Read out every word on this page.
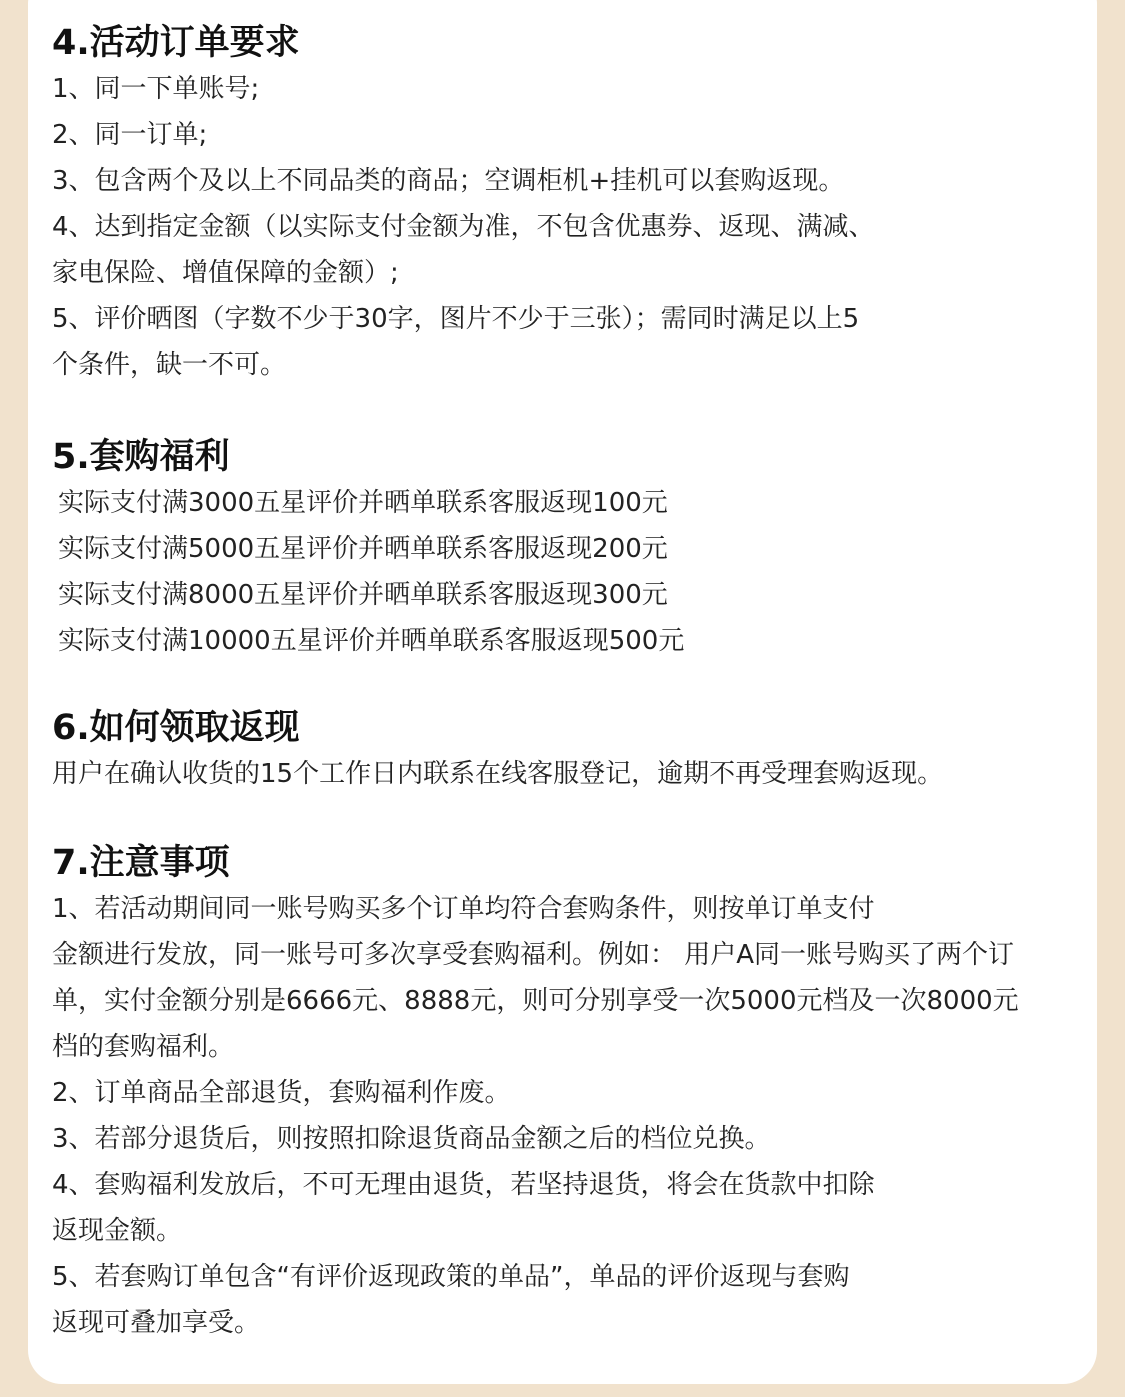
4.活动订单要求
1、同一下单账号;
2、同一订单;
3、包含两个及以上不同品类的商品；空调柜机+挂机可以套购返现。
4、达到指定金额（以实际支付金额为准，不包含优惠券、返现、满减、
家电保险、增值保障的金额）;
5、评价晒图（字数不少于30字，图片不少于三张）；需同时满足以上5
个条件，缺一不可。
5.套购福利
实际支付满3000五星评价并晒单联系客服返现100元
实际支付满5000五星评价并晒单联系客服返现200元
实际支付满8000五星评价并晒单联系客服返现300元
实际支付满10000五星评价并晒单联系客服返现500元
6.如何领取返现
用户在确认收货的15个工作日内联系在线客服登记，逾期不再受理套购返现。
7.注意事项
1、若活动期间同一账号购买多个订单均符合套购条件，则按单订单支付
金额进行发放，同一账号可多次享受套购福利。例如： 用户A同一账号购买了两个订
单，实付金额分别是6666元、8888元，则可分别享受一次5000元档及一次8000元
档的套购福利。
2、订单商品全部退货，套购福利作废。
3、若部分退货后，则按照扣除退货商品金额之后的档位兑换。
4、套购福利发放后，不可无理由退货，若坚持退货，将会在货款中扣除
返现金额。
5、若套购订单包含“有评价返现政策的单品”，单品的评价返现与套购
返现可叠加享受。
